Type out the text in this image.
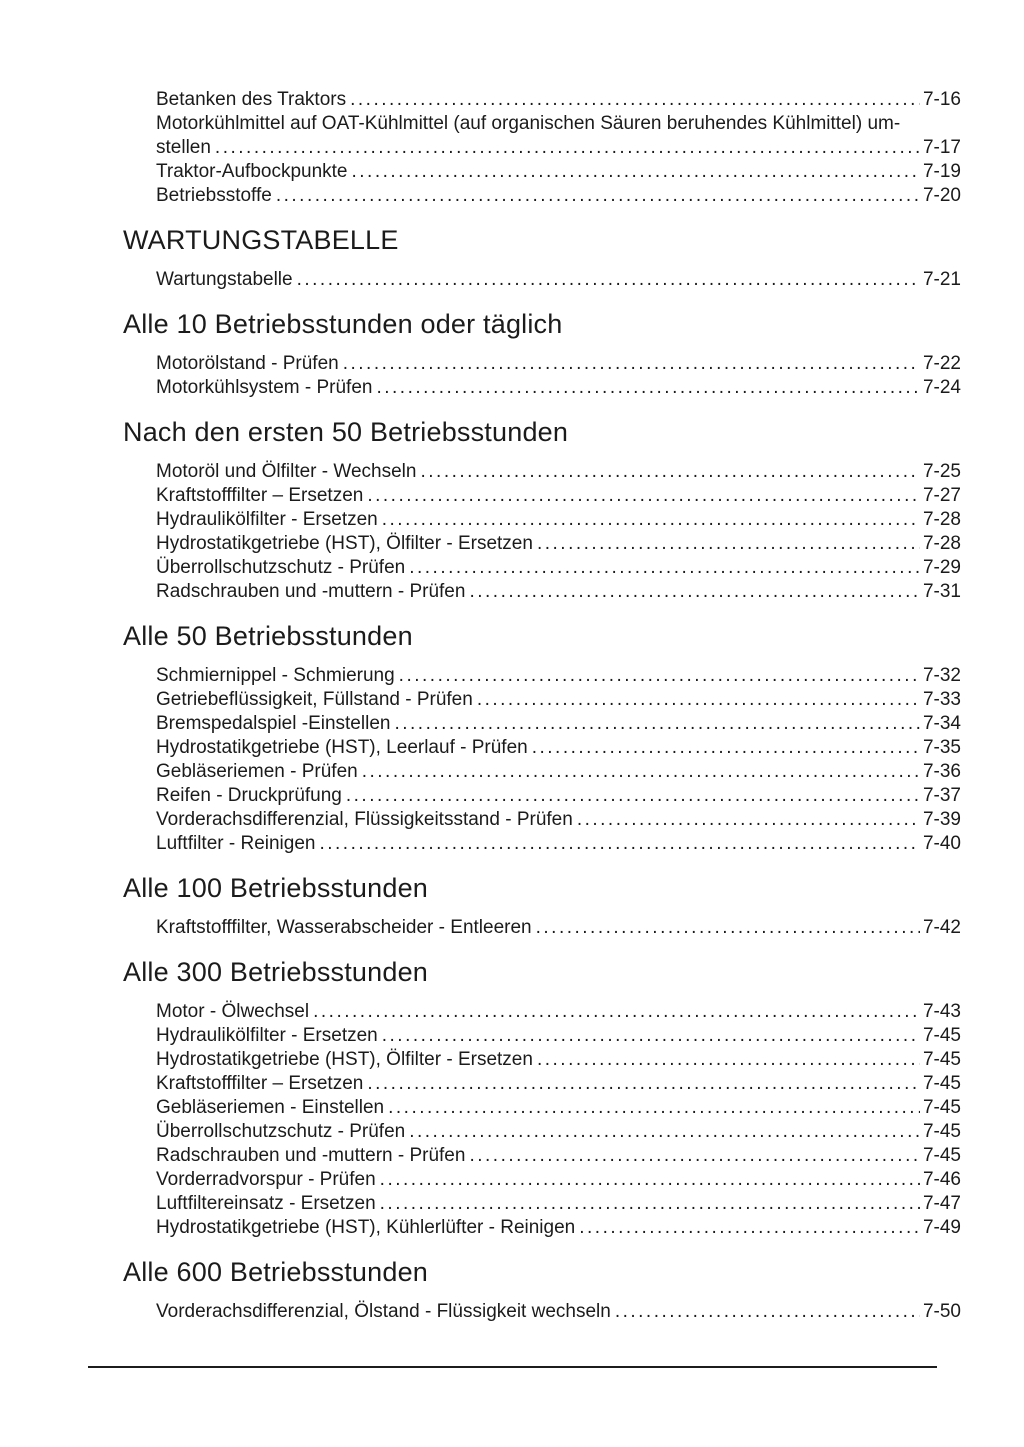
Betanken des Traktors .....	7-16
Motorkühlmittel auf OAT-Kühlmittel (auf organischen Säuren beruhendes Kühlmittel) um-
stellen .....	7-17
Traktor-Aufbockpunkte .....	7-19
Betriebsstoffe .....	7-20
WARTUNGSTABELLE
Wartungstabelle .....	7-21
Alle 10 Betriebsstunden oder täglich
Motorölstand - Prüfen .....	7-22
Motorkühlsystem - Prüfen .....	7-24
Nach den ersten 50 Betriebsstunden
Motoröl und Ölfilter - Wechseln .....	7-25
Kraftstofffilter – Ersetzen .....	7-27
Hydraulikölfilter - Ersetzen .....	7-28
Hydrostatikgetriebe (HST), Ölfilter - Ersetzen .....	7-28
Überrollschutzschutz - Prüfen .....	7-29
Radschrauben und -muttern - Prüfen .....	7-31
Alle 50 Betriebsstunden
Schmiernippel - Schmierung .....	7-32
Getriebeflüssigkeit, Füllstand - Prüfen .....	7-33
Bremspedalspiel -Einstellen .....	7-34
Hydrostatikgetriebe (HST), Leerlauf - Prüfen .....	7-35
Gebläseriemen - Prüfen .....	7-36
Reifen - Druckprüfung .....	7-37
Vorderachsdifferenzial, Flüssigkeitsstand - Prüfen .....	7-39
Luftfilter - Reinigen .....	7-40
Alle 100 Betriebsstunden
Kraftstofffilter, Wasserabscheider - Entleeren .....	7-42
Alle 300 Betriebsstunden
Motor - Ölwechsel .....	7-43
Hydraulikölfilter - Ersetzen .....	7-45
Hydrostatikgetriebe (HST), Ölfilter - Ersetzen .....	7-45
Kraftstofffilter – Ersetzen .....	7-45
Gebläseriemen - Einstellen .....	7-45
Überrollschutzschutz - Prüfen .....	7-45
Radschrauben und -muttern - Prüfen .....	7-45
Vorderradvorspur - Prüfen .....	7-46
Luftfiltereinsatz - Ersetzen .....	7-47
Hydrostatikgetriebe (HST), Kühlerlüfter - Reinigen .....	7-49
Alle 600 Betriebsstunden
Vorderachsdifferenzial, Ölstand - Flüssigkeit wechseln .....	7-50
